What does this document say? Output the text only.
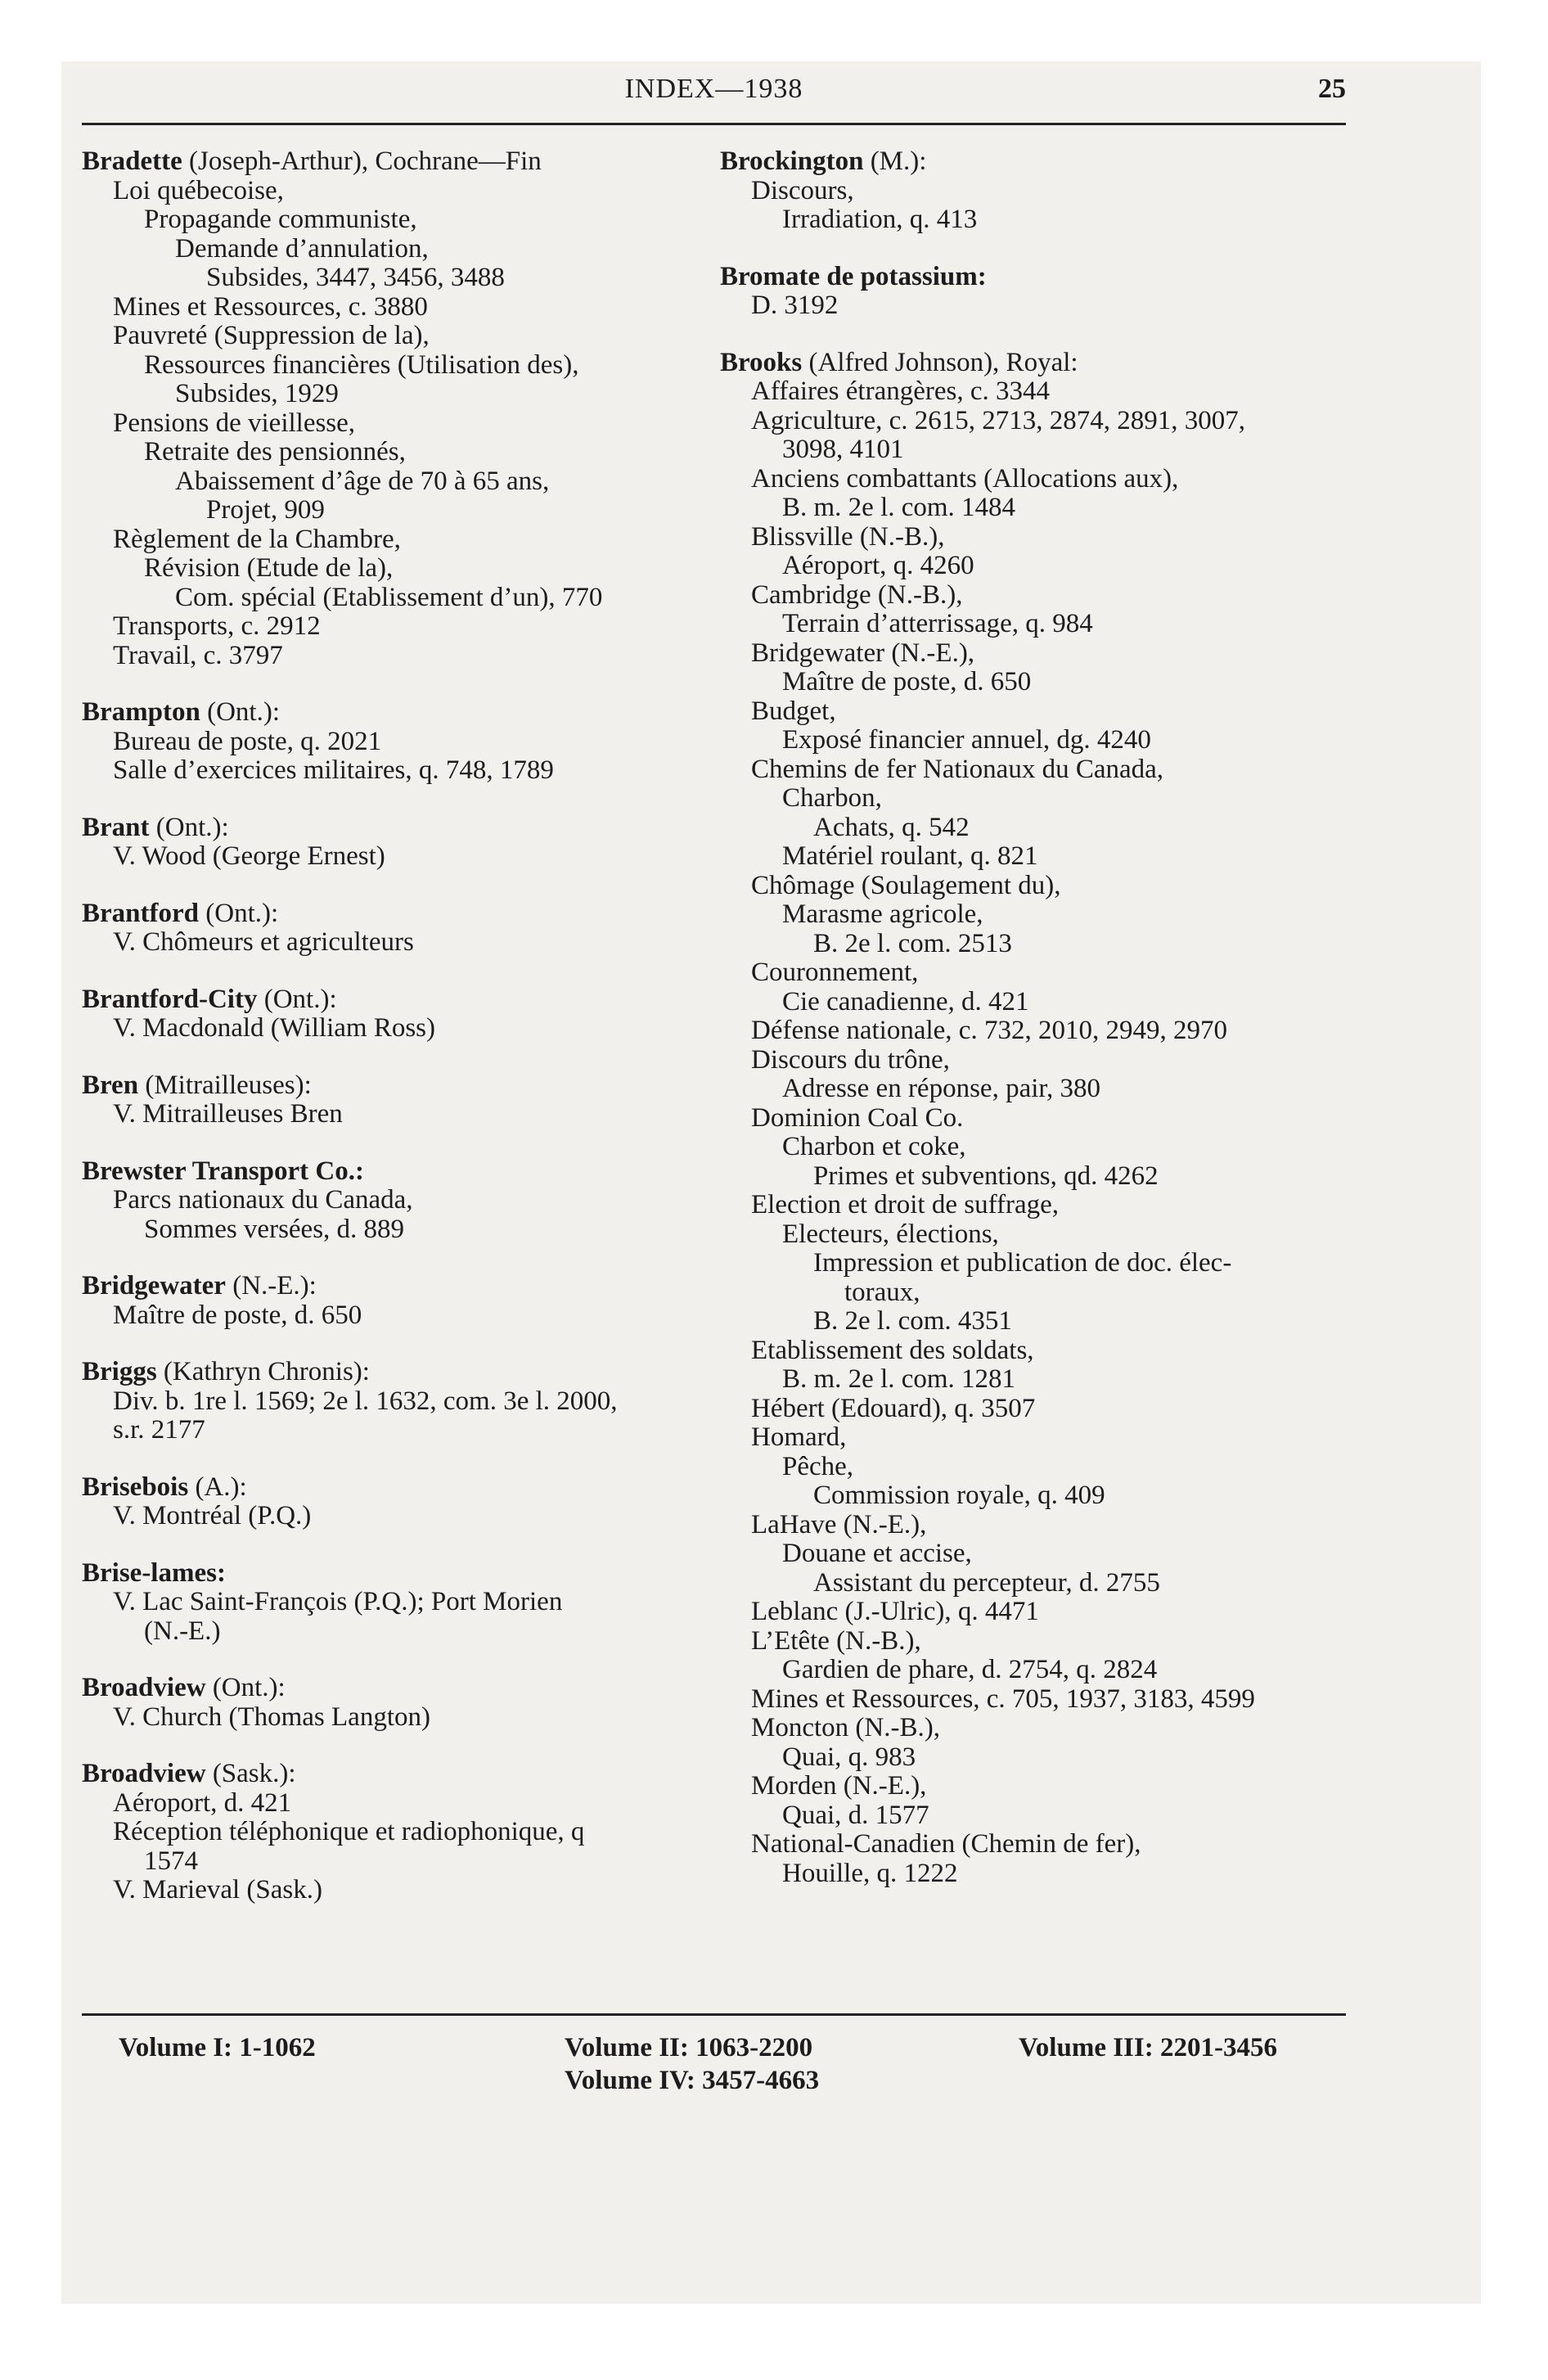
INDEX—1938	25
Bradette (Joseph-Arthur), Cochrane—Fin
Loi québecoise,
Propagande communiste,
Demande d’annulation,
Subsides, 3447, 3456, 3488
Mines et Ressources, c. 3880
Pauvreté (Suppression de la),
Ressources financières (Utilisation des),
Subsides, 1929
Pensions de vieillesse,
Retraite des pensionnés,
Abaissement d’âge de 70 à 65 ans,
Projet, 909
Règlement de la Chambre,
Révision (Etude de la),
Com. spécial (Etablissement d’un), 770
Transports, c. 2912
Travail, c. 3797
Brampton (Ont.):
Bureau de poste, q. 2021
Salle d’exercices militaires, q. 748, 1789
Brant (Ont.):
V. Wood (George Ernest)
Brantford (Ont.):
V. Chômeurs et agriculteurs
Brantford-City (Ont.):
V. Macdonald (William Ross)
Bren (Mitrailleuses):
V. Mitrailleuses Bren
Brewster Transport Co.:
Parcs nationaux du Canada,
Sommes versées, d. 889
Bridgewater (N.-E.):
Maître de poste, d. 650
Briggs (Kathryn Chronis):
Div. b. 1re l. 1569; 2e l. 1632, com. 3e l. 2000,
s.r. 2177
Brisebois (A.):
V. Montréal (P.Q.)
Brise-lames:
V. Lac Saint-François (P.Q.); Port Morien
(N.-E.)
Broadview (Ont.):
V. Church (Thomas Langton)
Broadview (Sask.):
Aéroport, d. 421
Réception téléphonique et radiophonique, q
1574
V. Marieval (Sask.)
Brockington (M.):
Discours,
Irradiation, q. 413
Bromate de potassium:
D. 3192
Brooks (Alfred Johnson), Royal:
Affaires étrangères, c. 3344
Agriculture, c. 2615, 2713, 2874, 2891, 3007,
3098, 4101
Anciens combattants (Allocations aux),
B. m. 2e l. com. 1484
Blissville (N.-B.),
Aéroport, q. 4260
Cambridge (N.-B.),
Terrain d’atterrissage, q. 984
Bridgewater (N.-E.),
Maître de poste, d. 650
Budget,
Exposé financier annuel, dg. 4240
Chemins de fer Nationaux du Canada,
Charbon,
Achats, q. 542
Matériel roulant, q. 821
Chômage (Soulagement du),
Marasme agricole,
B. 2e l. com. 2513
Couronnement,
Cie canadienne, d. 421
Défense nationale, c. 732, 2010, 2949, 2970
Discours du trône,
Adresse en réponse, pair, 380
Dominion Coal Co.
Charbon et coke,
Primes et subventions, qd. 4262
Election et droit de suffrage,
Electeurs, élections,
Impression et publication de doc. élec-
toraux,
B. 2e l. com. 4351
Etablissement des soldats,
B. m. 2e l. com. 1281
Hébert (Edouard), q. 3507
Homard,
Pêche,
Commission royale, q. 409
LaHave (N.-E.),
Douane et accise,
Assistant du percepteur, d. 2755
Leblanc (J.-Ulric), q. 4471
L’Etête (N.-B.),
Gardien de phare, d. 2754, q. 2824
Mines et Ressources, c. 705, 1937, 3183, 4599
Moncton (N.-B.),
Quai, q. 983
Morden (N.-E.),
Quai, d. 1577
National-Canadien (Chemin de fer),
Houille, q. 1222
Volume I: 1-1062	Volume II: 1063-2200
Volume IV: 3457-4663
Volume III: 2201-3456
